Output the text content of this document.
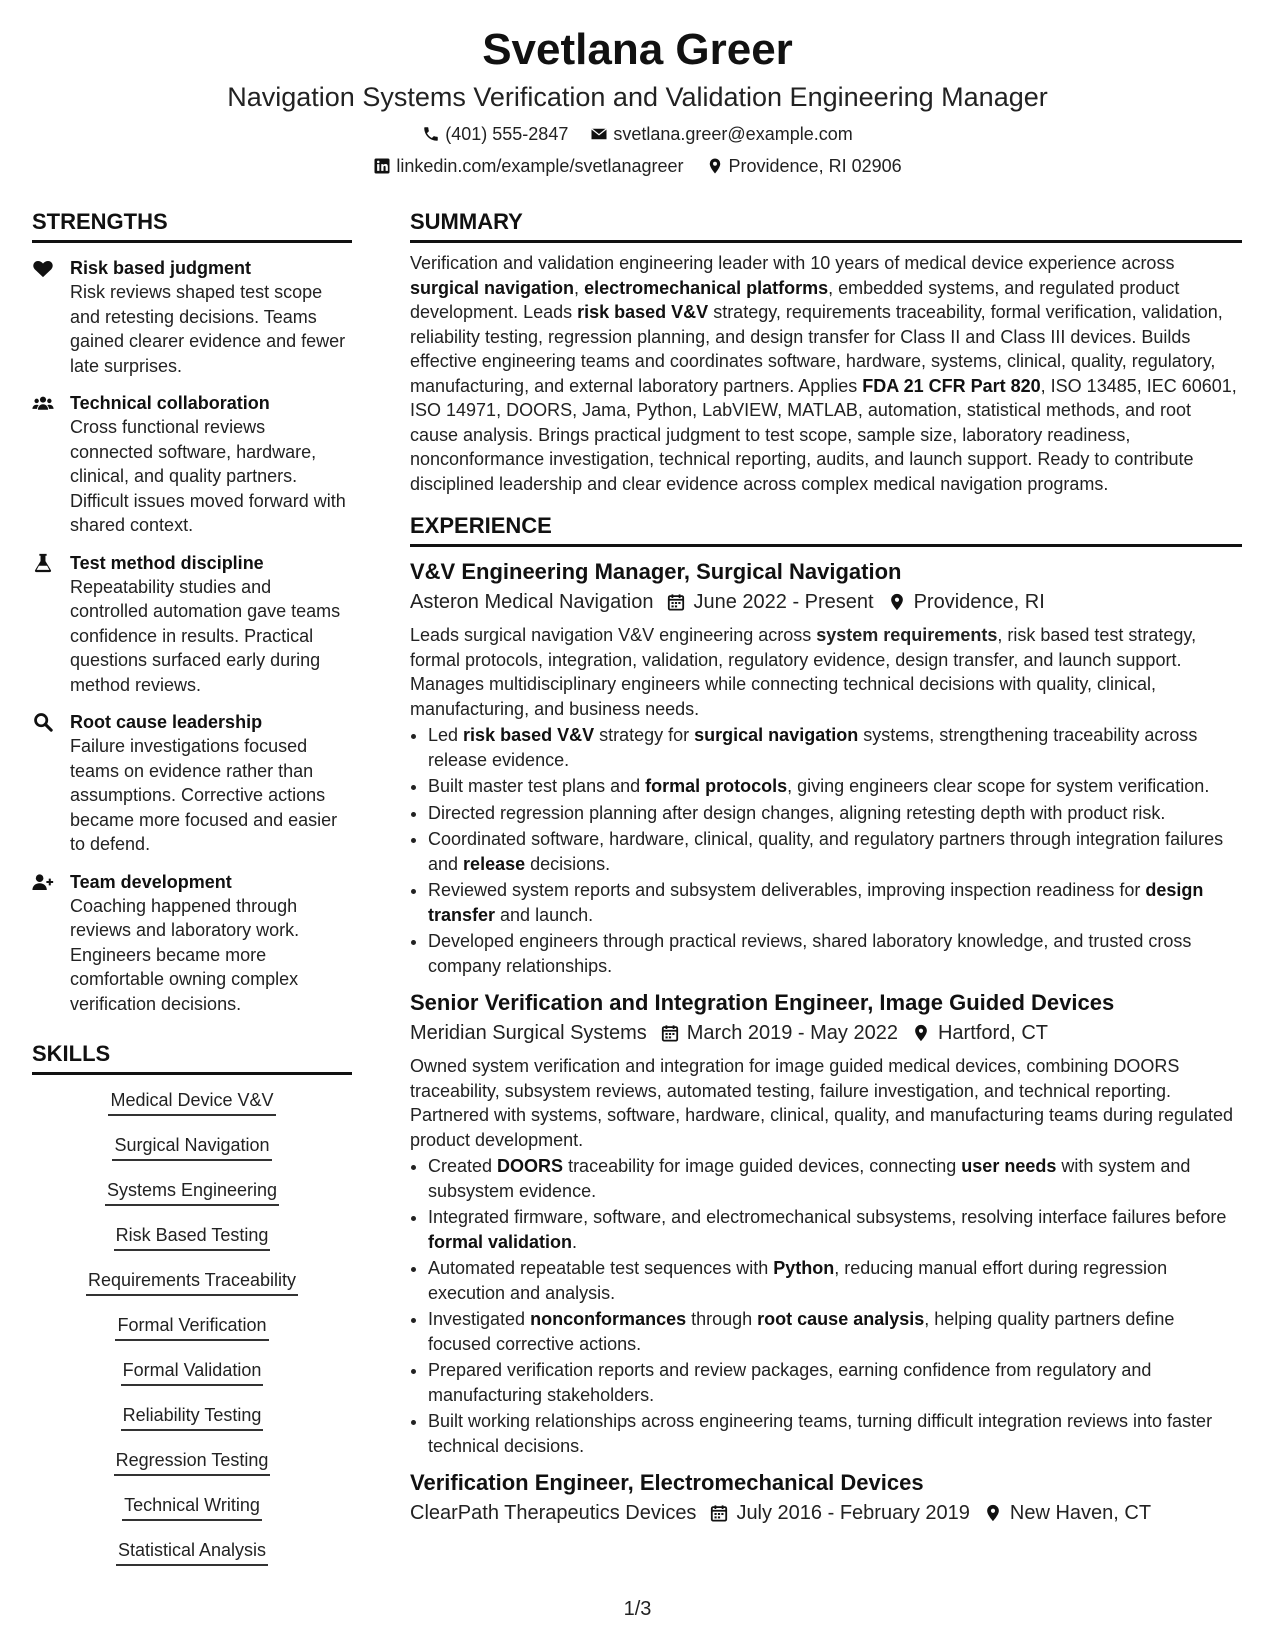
Svetlana Greer
Navigation Systems Verification and Validation Engineering Manager
(401) 555-2847	svetlana.greer@example.com
linkedin.com/example/svetlanagreer	Providence, RI 02906
STRENGTHS
Risk based judgment
Risk reviews shaped test scope and retesting decisions. Teams gained clearer evidence and fewer late surprises.
Technical collaboration
Cross functional reviews connected software, hardware, clinical, and quality partners. Difficult issues moved forward with shared context.
Test method discipline
Repeatability studies and controlled automation gave teams confidence in results. Practical questions surfaced early during method reviews.
Root cause leadership
Failure investigations focused teams on evidence rather than assumptions. Corrective actions became more focused and easier to defend.
Team development
Coaching happened through reviews and laboratory work. Engineers became more comfortable owning complex verification decisions.
SKILLS
Medical Device V&V
Surgical Navigation
Systems Engineering
Risk Based Testing
Requirements Traceability
Formal Verification
Formal Validation
Reliability Testing
Regression Testing
Technical Writing
Statistical Analysis
SUMMARY
Verification and validation engineering leader with 10 years of medical device experience across surgical navigation, electromechanical platforms, embedded systems, and regulated product development. Leads risk based V&V strategy, requirements traceability, formal verification, validation, reliability testing, regression planning, and design transfer for Class II and Class III devices. Builds effective engineering teams and coordinates software, hardware, systems, clinical, quality, regulatory, manufacturing, and external laboratory partners. Applies FDA 21 CFR Part 820, ISO 13485, IEC 60601, ISO 14971, DOORS, Jama, Python, LabVIEW, MATLAB, automation, statistical methods, and root cause analysis. Brings practical judgment to test scope, sample size, laboratory readiness, nonconformance investigation, technical reporting, audits, and launch support. Ready to contribute disciplined leadership and clear evidence across complex medical navigation programs.
EXPERIENCE
V&V Engineering Manager, Surgical Navigation
Asteron Medical Navigation June 2022 - Present Providence, RI
Leads surgical navigation V&V engineering across system requirements, risk based test strategy, formal protocols, integration, validation, regulatory evidence, design transfer, and launch support. Manages multidisciplinary engineers while connecting technical decisions with quality, clinical, manufacturing, and business needs.
• Led risk based V&V strategy for surgical navigation systems, strengthening traceability across release evidence.
• Built master test plans and formal protocols, giving engineers clear scope for system verification.
• Directed regression planning after design changes, aligning retesting depth with product risk.
• Coordinated software, hardware, clinical, quality, and regulatory partners through integration failures and release decisions.
• Reviewed system reports and subsystem deliverables, improving inspection readiness for design transfer and launch.
• Developed engineers through practical reviews, shared laboratory knowledge, and trusted cross company relationships.
Senior Verification and Integration Engineer, Image Guided Devices
Meridian Surgical Systems March 2019 - May 2022 Hartford, CT
Owned system verification and integration for image guided medical devices, combining DOORS traceability, subsystem reviews, automated testing, failure investigation, and technical reporting. Partnered with systems, software, hardware, clinical, quality, and manufacturing teams during regulated product development.
• Created DOORS traceability for image guided devices, connecting user needs with system and subsystem evidence.
• Integrated firmware, software, and electromechanical subsystems, resolving interface failures before formal validation.
• Automated repeatable test sequences with Python, reducing manual effort during regression execution and analysis.
• Investigated nonconformances through root cause analysis, helping quality partners define focused corrective actions.
• Prepared verification reports and review packages, earning confidence from regulatory and manufacturing stakeholders.
• Built working relationships across engineering teams, turning difficult integration reviews into faster technical decisions.
Verification Engineer, Electromechanical Devices
ClearPath Therapeutics Devices July 2016 - February 2019 New Haven, CT
1/3
